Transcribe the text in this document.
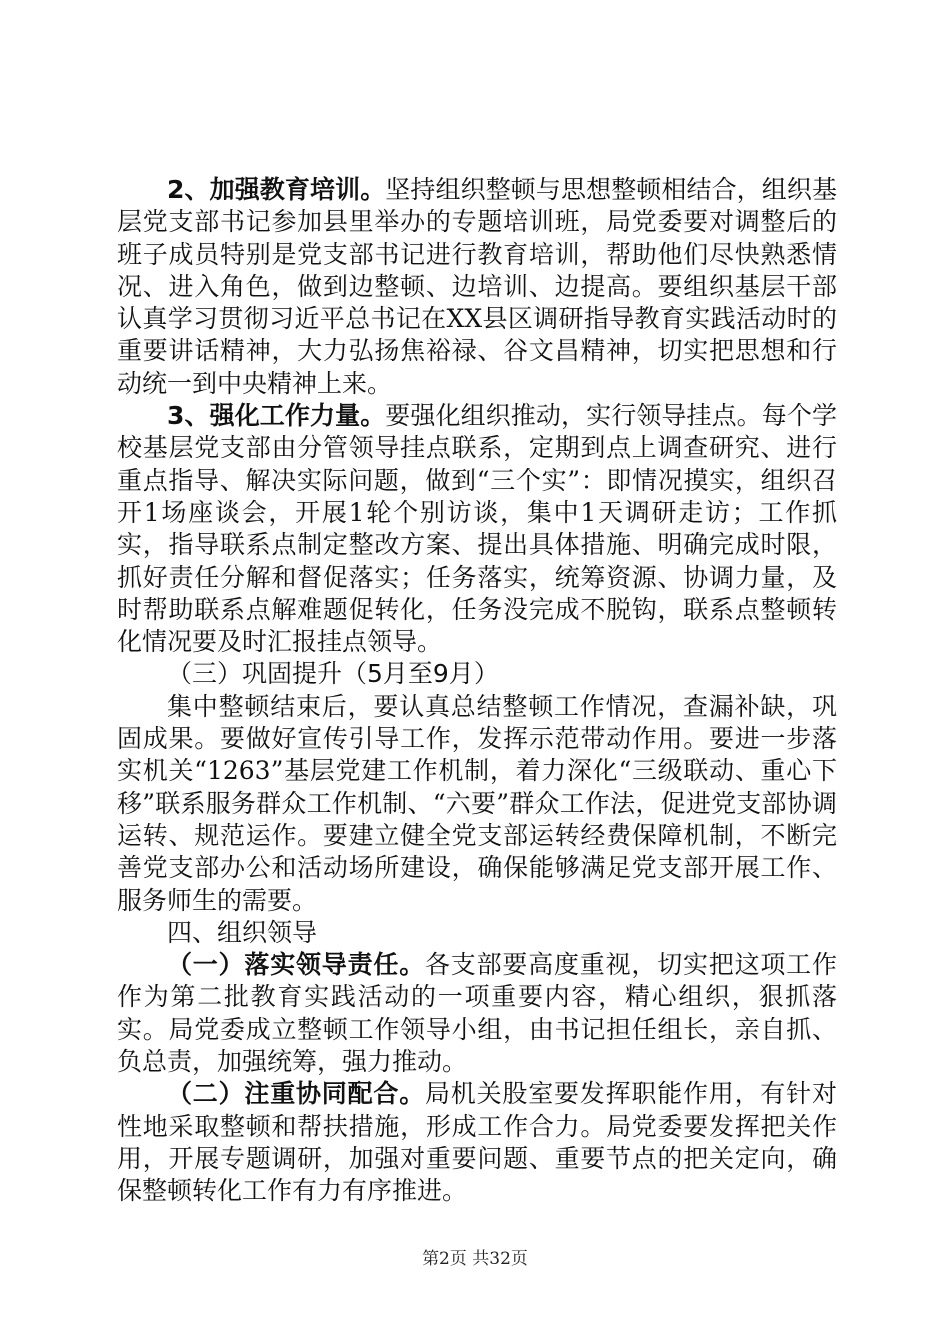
2、加强教育培训。坚持组织整顿与思想整顿相结合，组织基层党支部书记参加县里举办的专题培训班，局党委要对调整后的班子成员特别是党支部书记进行教育培训，帮助他们尽快熟悉情况、进入角色，做到边整顿、边培训、边提高。要组织基层干部认真学习贯彻习近平总书记在XX县区调研指导教育实践活动时的重要讲话精神，大力弘扬焦裕禄、谷文昌精神，切实把思想和行动统一到中央精神上来。

3、强化工作力量。要强化组织推动，实行领导挂点。每个学校基层党支部由分管领导挂点联系，定期到点上调查研究、进行重点指导、解决实际问题，做到“三个实”：即情况摸实，组织召开1场座谈会，开展1轮个别访谈，集中1天调研走访；工作抓实，指导联系点制定整改方案、提出具体措施、明确完成时限，抓好责任分解和督促落实；任务落实，统筹资源、协调力量，及时帮助联系点解难题促转化，任务没完成不脱钩，联系点整顿转化情况要及时汇报挂点领导。

（三）巩固提升（5月至9月）

集中整顿结束后，要认真总结整顿工作情况，查漏补缺，巩固成果。要做好宣传引导工作，发挥示范带动作用。要进一步落实机关“1263”基层党建工作机制，着力深化“三级联动、重心下移”联系服务群众工作机制、“六要”群众工作法，促进党支部协调运转、规范运作。要建立健全党支部运转经费保障机制，不断完善党支部办公和活动场所建设，确保能够满足党支部开展工作、服务师生的需要。

四、组织领导

（一）落实领导责任。各支部要高度重视，切实把这项工作作为第二批教育实践活动的一项重要内容，精心组织，狠抓落实。局党委成立整顿工作领导小组，由书记担任组长，亲自抓、负总责，加强统筹，强力推动。

（二）注重协同配合。局机关股室要发挥职能作用，有针对性地采取整顿和帮扶措施，形成工作合力。局党委要发挥把关作用，开展专题调研，加强对重要问题、重要节点的把关定向，确保整顿转化工作有力有序推进。

第2页 共32页
